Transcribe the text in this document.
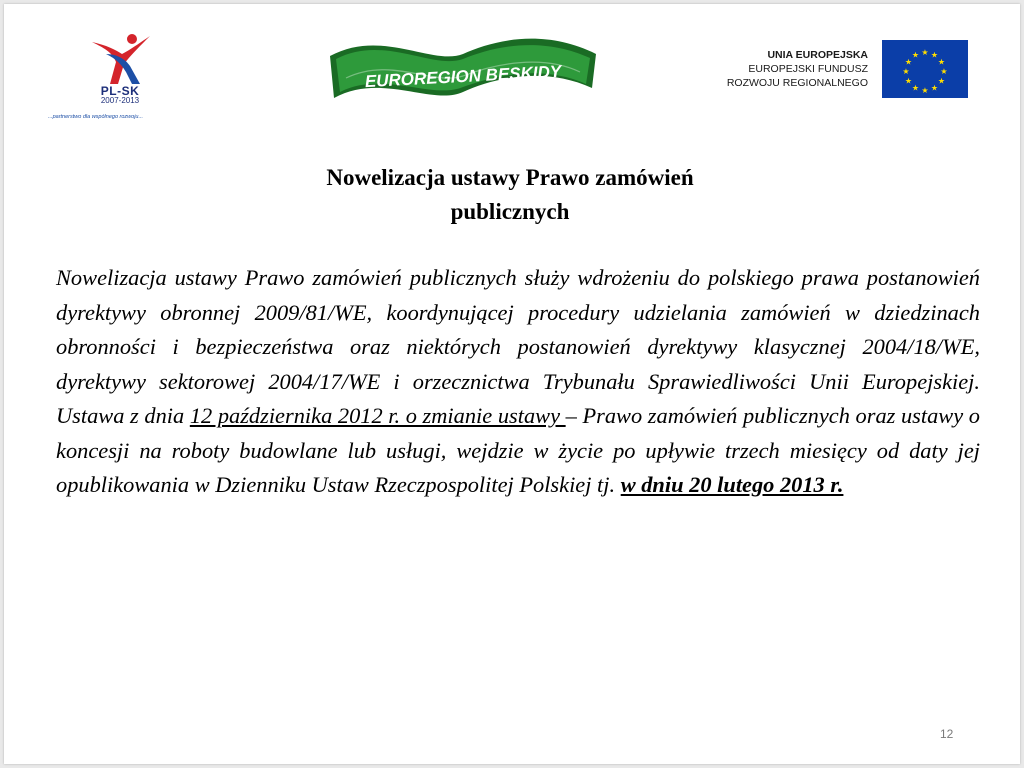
PL-SK
2007-2013
...partnerstwo dla wspólnego rozwoju...
EUROREGION BESKIDY
UNIA EUROPEJSKA
EUROPEJSKI FUNDUSZ
ROZWOJU REGIONALNEGO
★ ★
★
★
★
★
★
★
★
★
★
★
Nowelizacja ustawy Prawo zamówień
publicznych
Nowelizacja ustawy Prawo zamówień publicznych służy wdrożeniu do polskiego prawa postanowień dyrektywy obronnej 2009/81/WE, koordynującej procedury udzielania zamówień w dziedzinach obronności i bezpieczeństwa oraz niektórych postanowień dyrektywy klasycznej 2004/18/WE, dyrektywy sektorowej 2004/17/WE i orzecznictwa Trybunału Sprawiedliwości Unii Europejskiej. Ustawa z dnia 12 października 2012 r. o zmianie ustawy – Prawo zamówień publicznych oraz ustawy o koncesji na roboty budowlane lub usługi, wejdzie w życie po upływie trzech miesięcy od daty jej opublikowania w Dzienniku Ustaw Rzeczpospolitej Polskiej tj. w dniu 20 lutego 2013 r.
12
